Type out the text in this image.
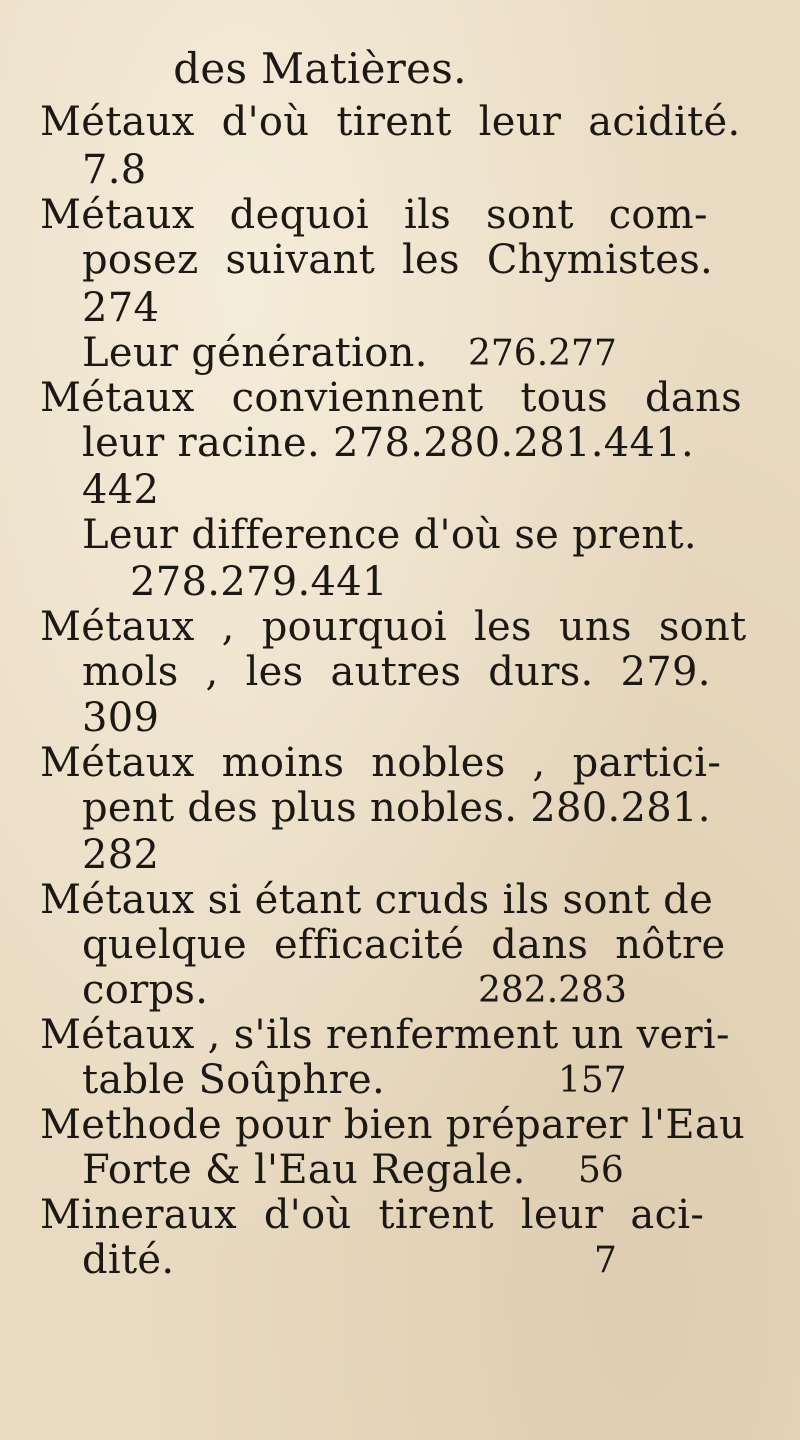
des Matières.
Métaux d'où tirent leur acidité.
7.8
Métaux dequoi ils sont com-
posez suivant les Chymistes.
274
Leur génération. 276.277
Métaux conviennent tous dans
leur racine. 278.280.281.441.
442
Leur difference d'où se prent.
278.279.441
Métaux , pourquoi les uns sont
mols , les autres durs. 279.
309
Métaux moins nobles , partici-
pent des plus nobles. 280.281.
282
Métaux si étant cruds ils sont de
quelque efficacité dans nôtre
corps.	282.283
Métaux , s'ils renferment un veri-
table Soûphre.	157
Methode pour bien préparer l'Eau
Forte & l'Eau Regale. 56
Mineraux d'où tirent leur aci-
dité.	7
